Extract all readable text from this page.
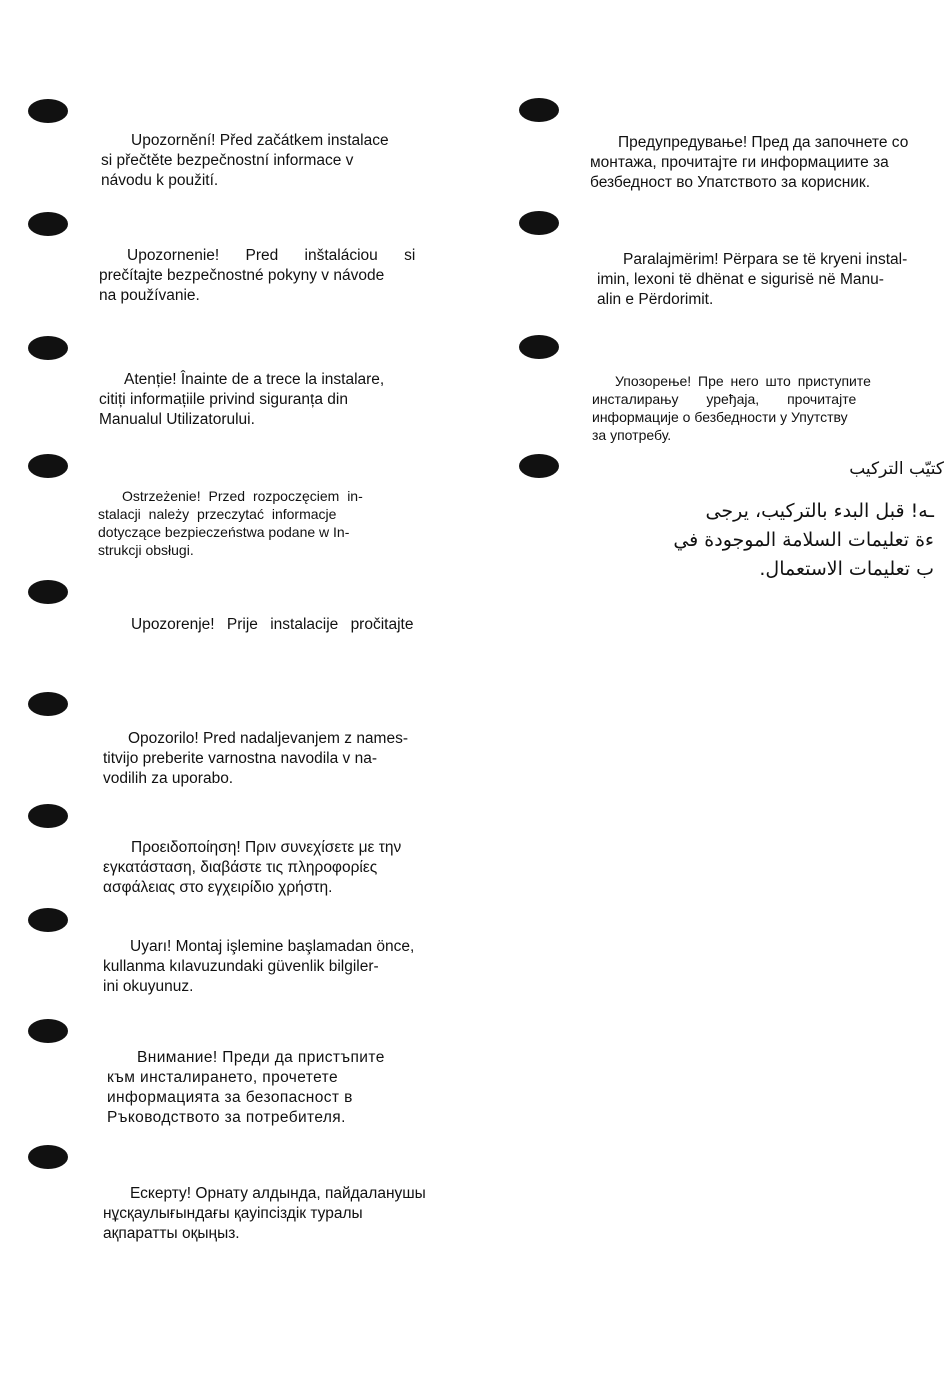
Upozornění! Před začátkem instalace
si přečtěte bezpečnostní informace v
návodu k použití.
Upozornenie! Pred inštaláciou si
prečítajte bezpečnostné pokyny v návode
na používanie.
Atenție! Înainte de a trece la instalare,
citiți informațiile privind siguranța din
Manualul Utilizatorului.
Ostrzeżenie! Przed rozpoczęciem in-
stalacji należy przeczytać informacje
dotyczące bezpieczeństwa podane w In-
strukcji obsługi.
Upozorenje! Prije instalacije pročitajte
Opozorilo! Pred nadaljevanjem z names-
titvijo preberite varnostna navodila v na-
vodilih za uporabo.
Προειδοποίηση! Πριν συνεχίσετε με την
εγκατάσταση, διαβάστε τις πληροφορίες
ασφάλειας στο εγχειρίδιο χρήστη.
Uyarı! Montaj işlemine başlamadan önce,
kullanma kılavuzundaki güvenlik bilgiler-
ini okuyunuz.
Внимание! Преди да пристъпите
към инсталирането, прочетете
информацията за безопасност в
Ръководството за потребителя.
Ескерту! Орнату алдында, пайдаланушы
нұсқаулығындағы қауіпсіздік туралы
ақпаратты оқыңыз.
Предупредување! Пред да започнете со
монтажа, прочитајте ги информациите за
безбедност во Упатството за корисник.
Paralajmërim! Përpara se të kryeni instal-
imin, lexoni të dhënat e sigurisë në Manu-
alin e Përdorimit.
Упозорење! Пре него што приступите
инсталирању уређаја, прочитајте
информације о безбедности у Упутству
за употребу.
كتيّب التركيب
ـه! قبل البدء بالتركيب، يرجى
ءة تعليمات السلامة الموجودة في
ب تعليمات الاستعمال.
